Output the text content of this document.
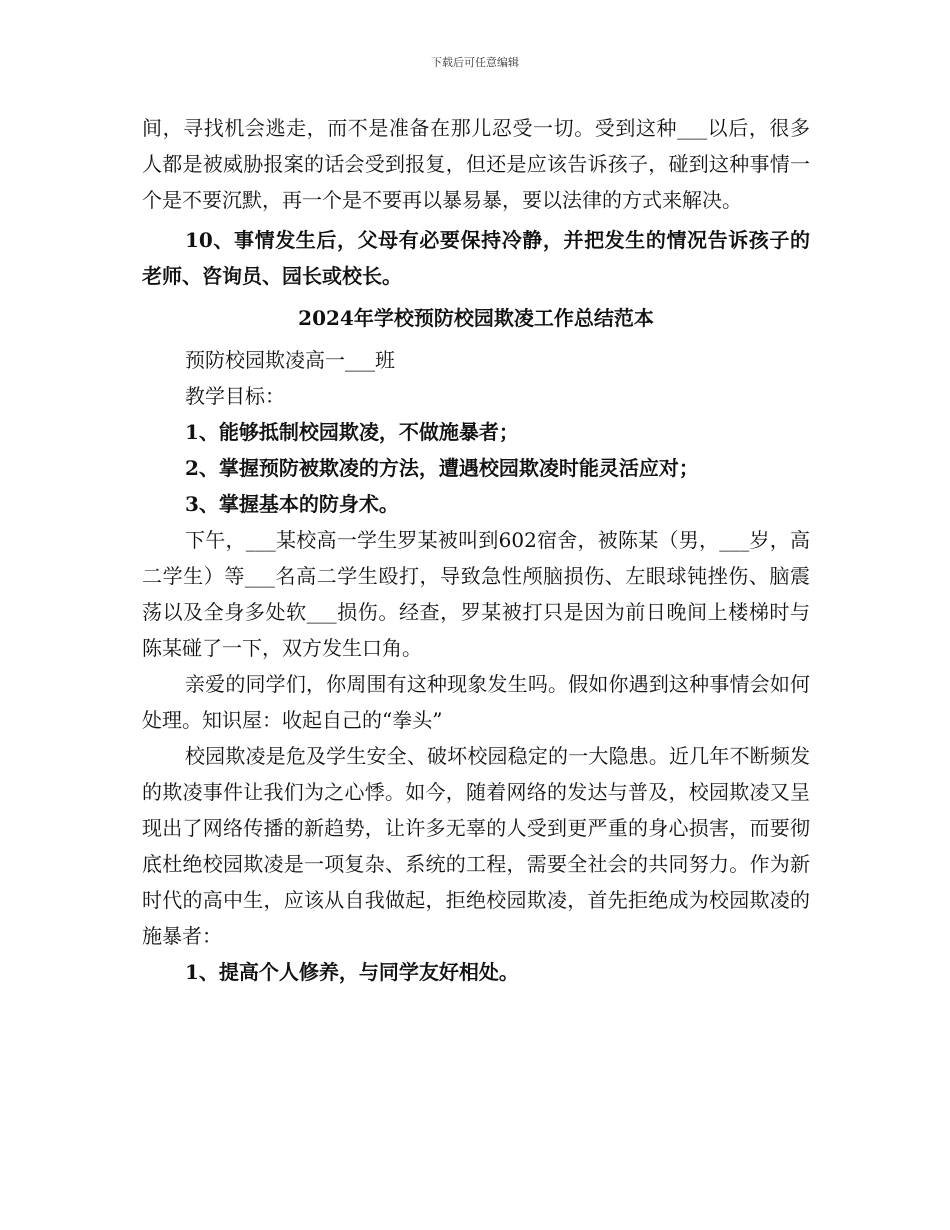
下载后可任意编辑

间，寻找机会逃走，而不是准备在那儿忍受一切。受到这种___以后，很多人都是被威胁报案的话会受到报复，但还是应该告诉孩子，碰到这种事情一个是不要沉默，再一个是不要再以暴易暴，要以法律的方式来解决。

10、事情发生后，父母有必要保持冷静，并把发生的情况告诉孩子的老师、咨询员、园长或校长。

2024年学校预防校园欺凌工作总结范本

预防校园欺凌高一___班

教学目标：

1、能够抵制校园欺凌，不做施暴者；

2、掌握预防被欺凌的方法，遭遇校园欺凌时能灵活应对；

3、掌握基本的防身术。

下午，___某校高一学生罗某被叫到602宿舍，被陈某（男，___岁，高二学生）等___名高二学生殴打，导致急性颅脑损伤、左眼球钝挫伤、脑震荡以及全身多处软___损伤。经查，罗某被打只是因为前日晚间上楼梯时与陈某碰了一下，双方发生口角。

亲爱的同学们，你周围有这种现象发生吗。假如你遇到这种事情会如何处理。知识屋：收起自己的“拳头”

校园欺凌是危及学生安全、破坏校园稳定的一大隐患。近几年不断频发的欺凌事件让我们为之心悸。如今，随着网络的发达与普及，校园欺凌又呈现出了网络传播的新趋势，让许多无辜的人受到更严重的身心损害，而要彻底杜绝校园欺凌是一项复杂、系统的工程，需要全社会的共同努力。作为新时代的高中生，应该从自我做起，拒绝校园欺凌，首先拒绝成为校园欺凌的施暴者：

1、提高个人修养，与同学友好相处。
